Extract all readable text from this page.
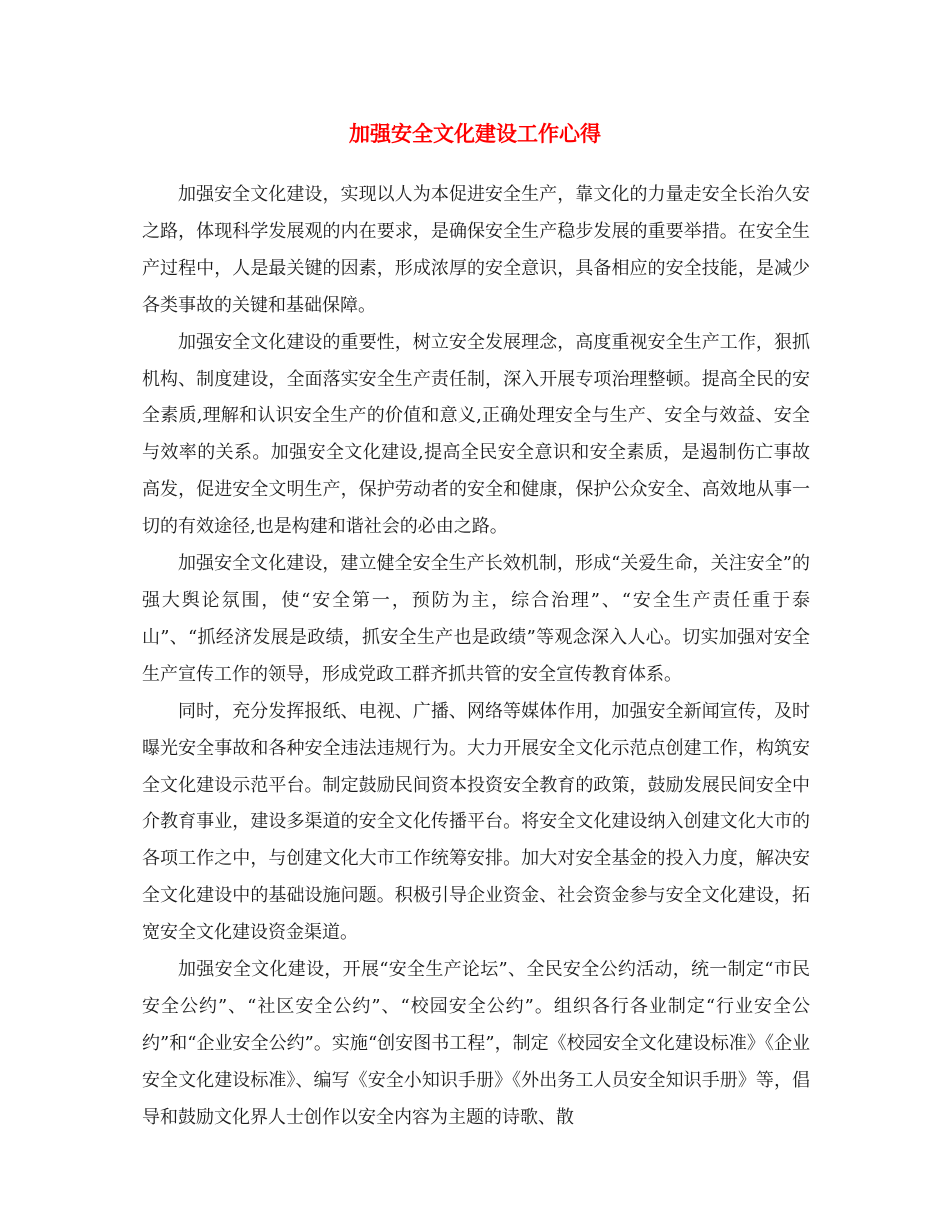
加强安全文化建设工作心得

加强安全文化建设，实现以人为本促进安全生产，靠文化的力量走安全长治久安之路，体现科学发展观的内在要求，是确保安全生产稳步发展的重要举措。在安全生产过程中，人是最关键的因素，形成浓厚的安全意识，具备相应的安全技能，是减少各类事故的关键和基础保障。

加强安全文化建设的重要性，树立安全发展理念，高度重视安全生产工作，狠抓机构、制度建设，全面落实安全生产责任制，深入开展专项治理整顿。提高全民的安全素质,理解和认识安全生产的价值和意义,正确处理安全与生产、安全与效益、安全与效率的关系。加强安全文化建设,提高全民安全意识和安全素质，是遏制伤亡事故高发，促进安全文明生产，保护劳动者的安全和健康，保护公众安全、高效地从事一切的有效途径,也是构建和谐社会的必由之路。

加强安全文化建设，建立健全安全生产长效机制，形成“关爱生命，关注安全”的强大舆论氛围，使“安全第一，预防为主，综合治理”、“安全生产责任重于泰山”、“抓经济发展是政绩，抓安全生产也是政绩”等观念深入人心。切实加强对安全生产宣传工作的领导，形成党政工群齐抓共管的安全宣传教育体系。

同时，充分发挥报纸、电视、广播、网络等媒体作用，加强安全新闻宣传，及时曝光安全事故和各种安全违法违规行为。大力开展安全文化示范点创建工作，构筑安全文化建设示范平台。制定鼓励民间资本投资安全教育的政策，鼓励发展民间安全中介教育事业，建设多渠道的安全文化传播平台。将安全文化建设纳入创建文化大市的各项工作之中，与创建文化大市工作统筹安排。加大对安全基金的投入力度，解决安全文化建设中的基础设施问题。积极引导企业资金、社会资金参与安全文化建设，拓宽安全文化建设资金渠道。

加强安全文化建设，开展“安全生产论坛”、全民安全公约活动，统一制定“市民安全公约”、“社区安全公约”、“校园安全公约”。组织各行各业制定“行业安全公约”和“企业安全公约”。实施“创安图书工程”，制定《校园安全文化建设标准》《企业安全文化建设标准》、编写《安全小知识手册》《外出务工人员安全知识手册》等，倡导和鼓励文化界人士创作以安全内容为主题的诗歌、散
